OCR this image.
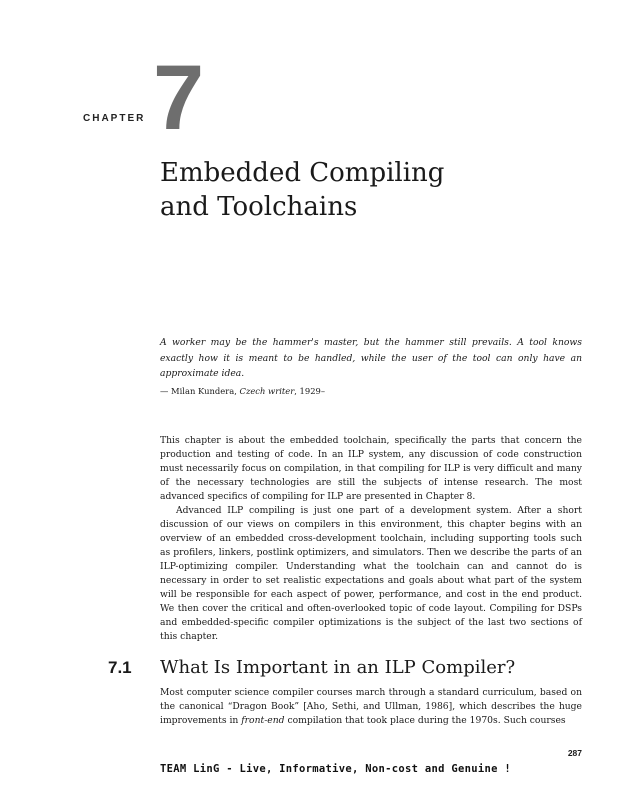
CHAPTER 7
Embedded Compiling
and Toolchains
A worker may be the hammer's master, but the hammer still prevails. A tool knows exactly how it is meant to be handled, while the user of the tool can only have an approximate idea.
— Milan Kundera, Czech writer, 1929–

This chapter is about the embedded toolchain, specifically the parts that concern the production and testing of code. In an ILP system, any discussion of code construction must necessarily focus on compilation, in that compiling for ILP is very difficult and many of the necessary technologies are still the subjects of intense research. The most advanced specifics of compiling for ILP are presented in Chapter 8.

Advanced ILP compiling is just one part of a development system. After a short discussion of our views on compilers in this environment, this chapter begins with an overview of an embedded cross-development toolchain, including supporting tools such as profilers, linkers, postlink optimizers, and simulators. Then we describe the parts of an ILP-optimizing compiler. Understanding what the toolchain can and cannot do is necessary in order to set realistic expectations and goals about what part of the system will be responsible for each aspect of power, performance, and cost in the end product. We then cover the critical and often-overlooked topic of code layout. Compiling for DSPs and embedded-specific compiler optimizations is the subject of the last two sections of this chapter.

7.1 What Is Important in an ILP Compiler?
Most computer science compiler courses march through a standard curriculum, based on the canonical “Dragon Book” [Aho, Sethi, and Ullman, 1986], which describes the huge improvements in front-end compilation that took place during the 1970s. Such courses
287
TEAM LinG - Live, Informative, Non-cost and Genuine !
